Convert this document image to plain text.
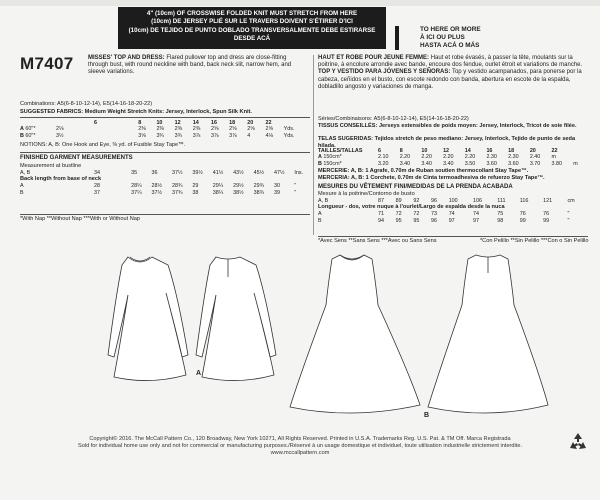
4" (10cm) OF CROSSWISE FOLDED KNIT MUST STRETCH FROM HERE
(10cm) DE JERSEY PLIÉ SUR LE TRAVERS DOIVENT S'ÉTIRER D'ICI
(10cm) DE TEJIDO DE PUNTO DOBLADO TRANSVERSALMENTE DEBE ESTIRARSE DESDE ACÁ
TO HERE OR MORE
À ICI OU PLUS
HASTA ACÁ O MÁS
M7407 MISSES' TOP AND DRESS: Flared pullover top and dress are close-fitting through bust, with round neckline with band, back neck slit, narrow hem, and sleeve variations.
Combinations: A5(6-8-10-12-14), E5(14-16-18-20-22)
SUGGESTED FABRICS: Medium Weight Stretch Knits: Jersey, Interlock, Spun Silk Knit.
	6	8	10	12	14	16	18	20	22		
A 60"*	2⅛	2⅜	2⅜	2⅜	2⅜	2⅝	2⅝	2⅝	2⅝	Yds.	
B 60"*	3½	3⅝	3¾	3¾	3⅞	3⅞	3⅞	4	4⅛	Yds.	
NOTIONS: A, B: One Hook and Eye, ⅜ yd. of Fusible Stay Tape™.
FINISHED GARMENT MEASUREMENTS
Measurement at bustline
A, B	34	35	36	37½	39½	41½	43½	45½	47½	Ins.
Back length from base of neck										
A	28	28¼	28½	28¾	29	29¼	29½	29¾	30	"
B	37	37¼	37½	37¾	38	38¼	38½	38¾	39	"
*With Nap **Without Nap ***With or Without Nap
HAUT ET ROBE POUR JEUNE FEMME: Haut et robe évasés, à passer la tête, moulants sur la poitrine, à encolure arrondie avec bande, encoure dos fendue, ourlet étroit et variations de manche.
TOP Y VESTIDO PARA JÓVENES Y SEÑORAS: Top y vestido acampanados, para ponerse por la cabeza, ceñidos en el busto, con escote redondo con banda, abertura en escote de la espalda, dobladillo angosto y variaciones de manga.
Séries/Combinaisons: A5(6-8-10-12-14), E5(14-16-18-20-22)
TISSUS CONSEILLÉS: Jerseys extensibles de poids moyen: Jersey, Interlock, Tricot de soie filée.
TELAS SUGERIDAS: Tejidos stretch de peso mediano: Jersey, Interlock, Tejido de punto de seda hilada.
TAILLES/TALLAS	6	8	10	12	14	16	18	20	22		
A 150cm*	2.10	2.20	2.20	2.20	2.20	2.30	2.30	2.40	m		
B 150cm*	3.20	3.40	3.40	3.40	3.50	3.60	3.60	3.70	3.80	m	
MERCERIE: A, B: 1 Agrafe, 0.70m de Ruban soutien thermocollant Stay Tape™.
MERCERIA: A, B: 1 Corchete, 0.70m de Cinta termoadhesiva de refuerzo Stay Tape™.
MESURES DU VÊTEMENT FINI/MEDIDAS DE LA PRENDA ACABADA
Mesure à la poitrine/Contorno de busto
A, B	87	89	92	96	100	106	111	116	121	cm
Longueur - dos, votre nuque à l'ourlet/Largo de espalda desde la nuca										
A	71	72	72	73	74	74	75	76	76	"
B	94	95	95	96	97	97	98	99	99	"
*Avec Sens **Sans Sens ***Avec ou Sans Sens	*Con Pelillo **Sin Pelillo ***Con o Sin Pelillo
A
B
Copyright© 2016. The McCall Pattern Co., 120 Broadway, New York 10271, All Rights Reserved. Printed in U.S.A. Trademarks Reg. U.S. Pat. & TM Off. Marca Registrada
Sold for individual home use only and not for commercial or manufacturing purposes./Réservé à un usage domestique et individuel, toute utilisation industrielle strictement interdite.
www.mccallpattern.com
